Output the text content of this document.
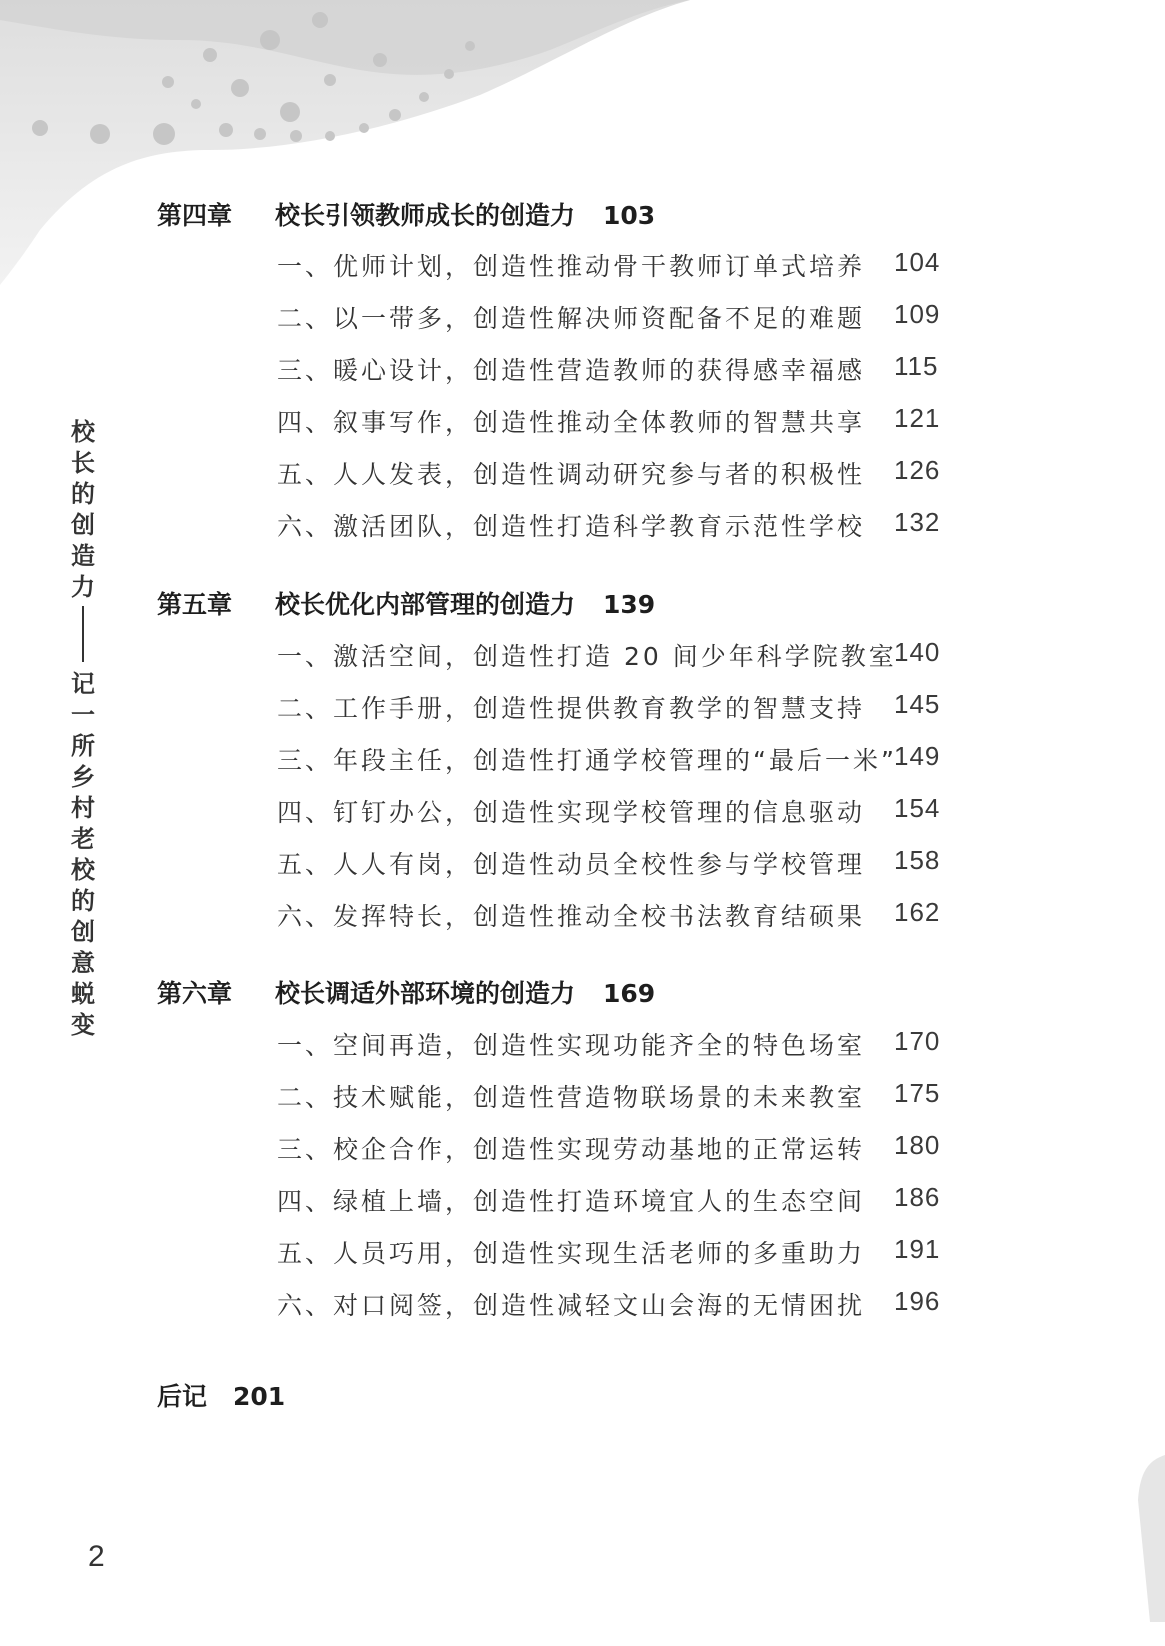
校
长
的
创
造
力
记
一
所
乡
村
老
校
的
创
意
蜕
变
第四章 校长引领教师成长的创造力 103
一、优师计划，创造性推动骨干教师订单式培养 104
二、以一带多，创造性解决师资配备不足的难题 109
三、暖心设计，创造性营造教师的获得感幸福感 115
四、叙事写作，创造性推动全体教师的智慧共享 121
五、人人发表，创造性调动研究参与者的积极性 126
六、激活团队，创造性打造科学教育示范性学校 132
第五章 校长优化内部管理的创造力 139
一、激活空间，创造性打造 20 间少年科学院教室
140
二、工作手册，创造性提供教育教学的智慧支持 145
三、年段主任，创造性打通学校管理的“最后一米”
149
四、钉钉办公，创造性实现学校管理的信息驱动 154
五、人人有岗，创造性动员全校性参与学校管理 158
六、发挥特长，创造性推动全校书法教育结硕果 162
第六章 校长调适外部环境的创造力 169
一、空间再造，创造性实现功能齐全的特色场室 170
二、技术赋能，创造性营造物联场景的未来教室 175
三、校企合作，创造性实现劳动基地的正常运转 180
四、绿植上墙，创造性打造环境宜人的生态空间 186
五、人员巧用，创造性实现生活老师的多重助力 191
六、对口阅签，创造性减轻文山会海的无情困扰 196
后记 201
2
